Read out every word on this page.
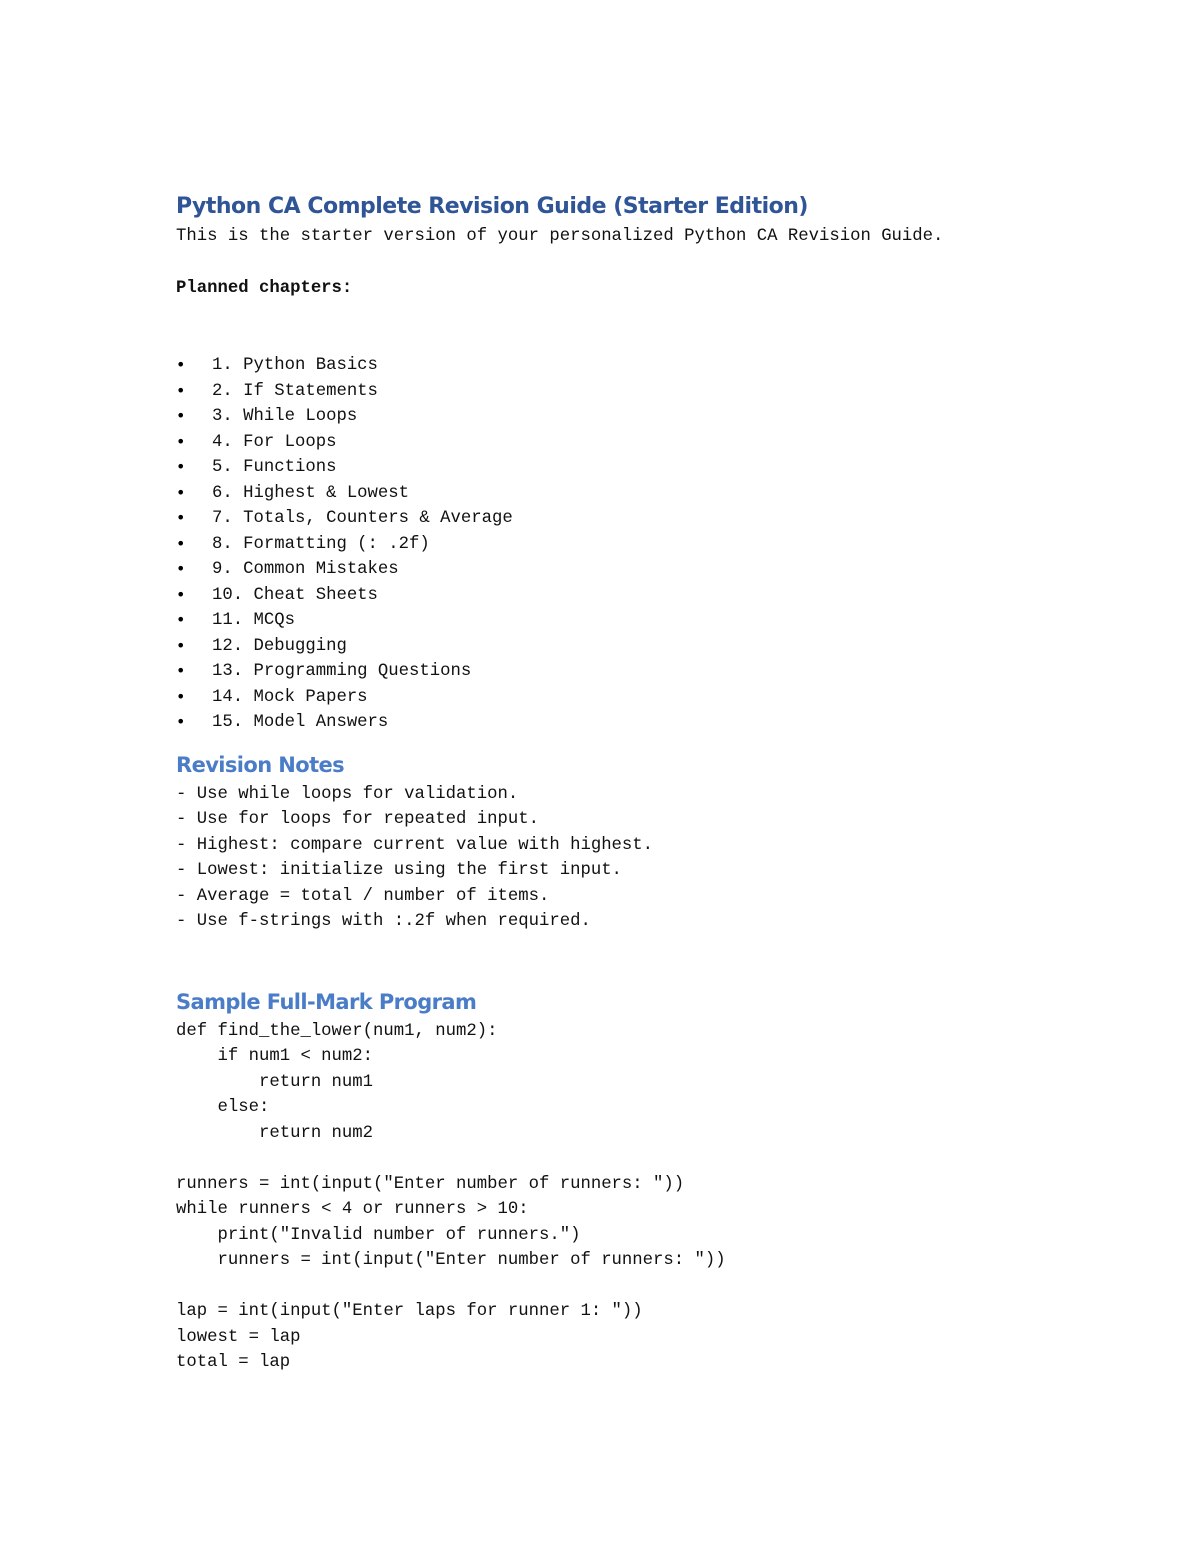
Python CA Complete Revision Guide (Starter Edition)

This is the starter version of your personalized Python CA Revision Guide.

Planned chapters:

• 1. Python Basics
• 2. If Statements
• 3. While Loops
• 4. For Loops
• 5. Functions
• 6. Highest & Lowest
• 7. Totals, Counters & Average
• 8. Formatting (: .2f)
• 9. Common Mistakes
• 10. Cheat Sheets
• 11. MCQs
• 12. Debugging
• 13. Programming Questions
• 14. Mock Papers
• 15. Model Answers
Revision Notes
- Use while loops for validation.
- Use for loops for repeated input.
- Highest: compare current value with highest.
- Lowest: initialize using the first input.
- Average = total / number of items.
- Use f-strings with :.2f when required.
Sample Full-Mark Program
def find_the_lower(num1, num2):
if num1 < num2:
return num1
else:
return num2
runners = int(input("Enter number of runners: "))
while runners < 4 or runners > 10:
print("Invalid number of runners.")
runners = int(input("Enter number of runners: "))
lap = int(input("Enter laps for runner 1: "))
lowest = lap
total = lap
